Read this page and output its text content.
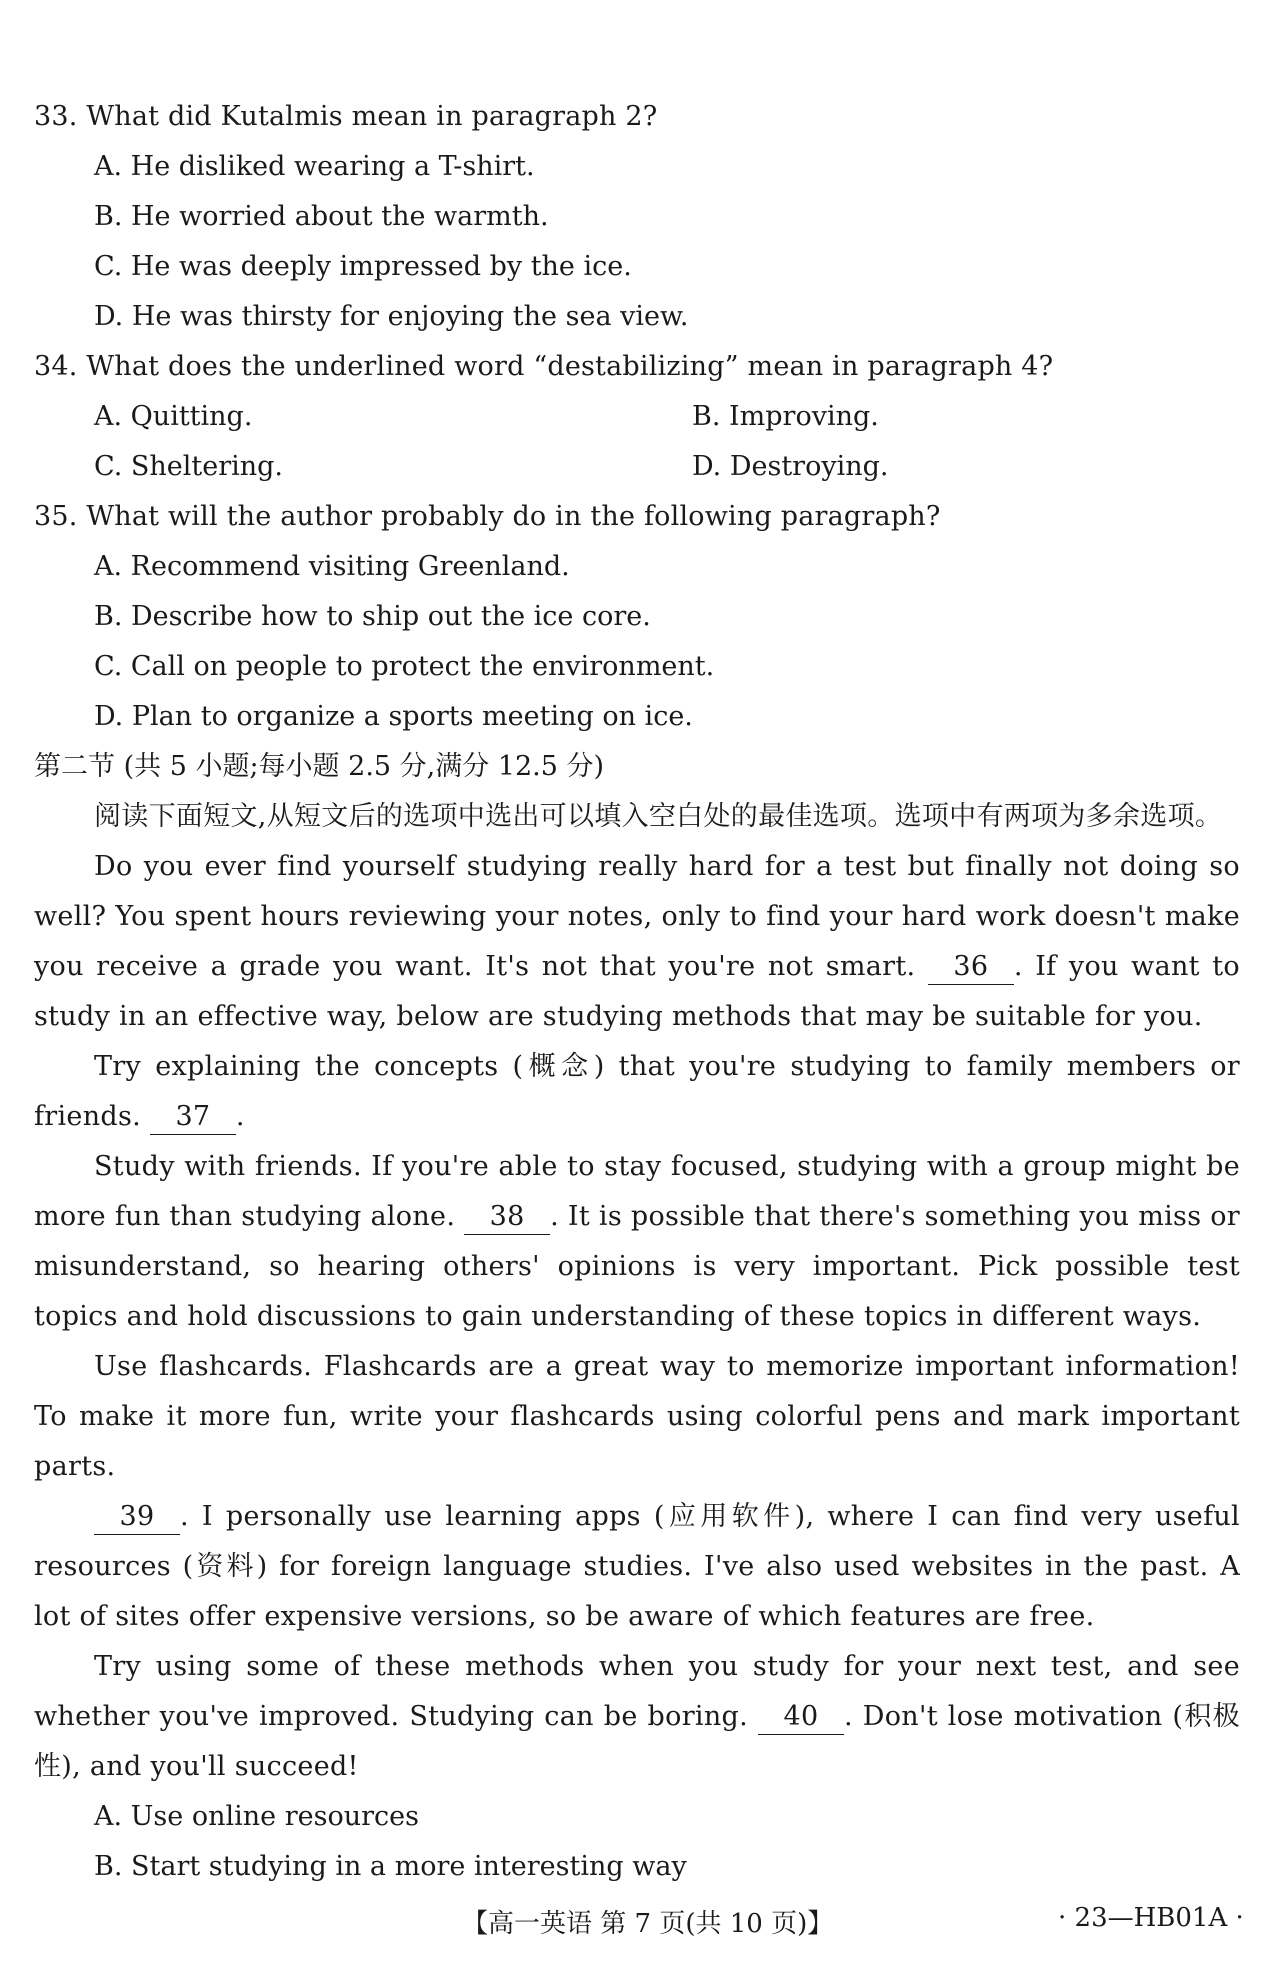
33. What did Kutalmis mean in paragraph 2?
A. He disliked wearing a T-shirt.
B. He worried about the warmth.
C. He was deeply impressed by the ice.
D. He was thirsty for enjoying the sea view.
34. What does the underlined word “destabilizing” mean in paragraph 4?
A. Quitting.	B. Improving.
C. Sheltering.	D. Destroying.
35. What will the author probably do in the following paragraph?
A. Recommend visiting Greenland.
B. Describe how to ship out the ice core.
C. Call on people to protect the environment.
D. Plan to organize a sports meeting on ice.
第二节 (共 5 小题;每小题 2.5 分,满分 12.5 分)
阅读下面短文,从短文后的选项中选出可以填入空白处的最佳选项。选项中有两项为多余选项。
Do you ever find yourself studying really hard for a test but finally not doing so well? You spent hours reviewing your notes, only to find your hard work doesn't make you receive a grade you want. It's not that you're not smart. 36 . If you want to study in an effective way, below are studying methods that may be suitable for you.
Try explaining the concepts (概念) that you're studying to family members or friends. 37 .
Study with friends. If you're able to stay focused, studying with a group might be more fun than studying alone. 38 . It is possible that there's something you miss or misunderstand, so hearing others' opinions is very important. Pick possible test topics and hold discussions to gain understanding of these topics in different ways.
Use flashcards. Flashcards are a great way to memorize important information! To make it more fun, write your flashcards using colorful pens and mark important parts.
39 . I personally use learning apps (应用软件), where I can find very useful resources (资料) for foreign language studies. I've also used websites in the past. A lot of sites offer expensive versions, so be aware of which features are free.
Try using some of these methods when you study for your next test, and see whether you've improved. Studying can be boring. 40 . Don't lose motivation (积极性), and you'll succeed!
A. Use online resources
B. Start studying in a more interesting way
【高一英语 第 7 页(共 10 页)】	· 23—HB01A ·
